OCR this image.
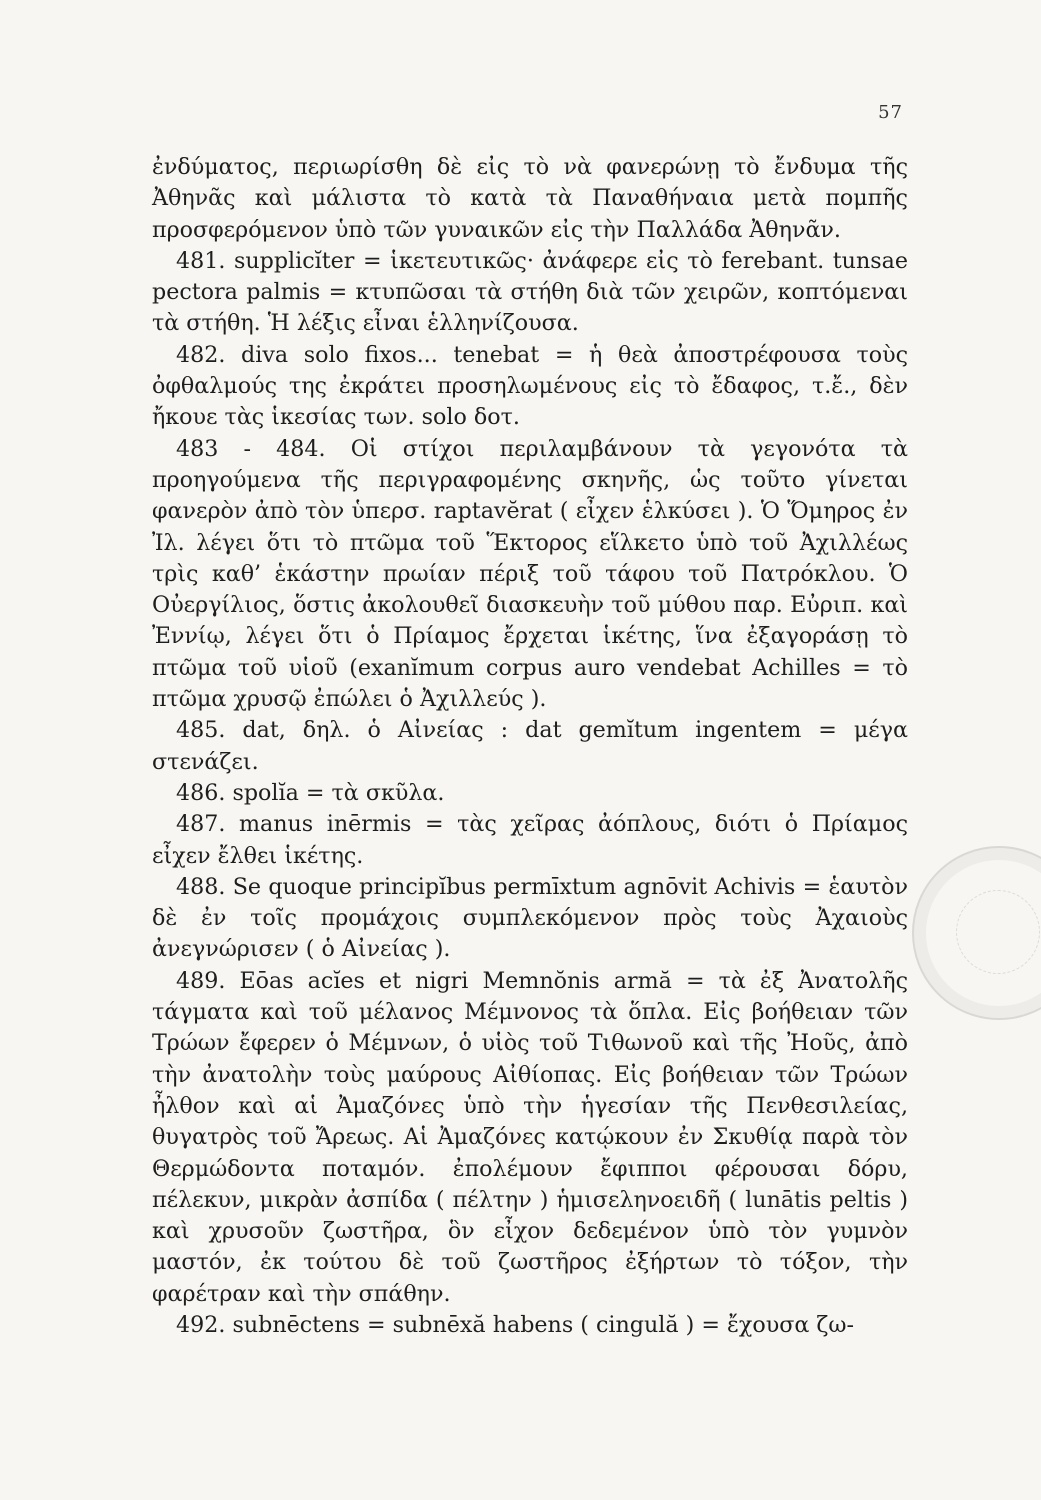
57

ἐνδύματος, περιωρίσθη δὲ εἰς τὸ νὰ φανερώνῃ τὸ ἔνδυμα τῆς Ἀθηνᾶς καὶ μάλιστα τὸ κατὰ τὰ Παναθήναια μετὰ πομπῆς προσφερόμενον ὑπὸ τῶν γυναικῶν εἰς τὴν Παλλάδα Ἀθηνᾶν.

481. supplicĭter = ἱκετευτικῶς· ἀνάφερε εἰς τὸ ferebant. tunsae pectora palmis = κτυπῶσαι τὰ στήθη διὰ τῶν χειρῶν, κοπτόμεναι τὰ στήθη. Ἡ λέξις εἶναι ἑλληνίζουσα.

482. diva solo fixos... tenebat = ἡ θεὰ ἀποστρέφουσα τοὺς ὀφθαλμούς της ἐκράτει προσηλωμένους εἰς τὸ ἔδαφος, τ.ἔ., δὲν ἤκουε τὰς ἱκεσίας των. solo δοτ.

483 - 484. Οἱ στίχοι περιλαμβάνουν τὰ γεγονότα τὰ προηγούμενα τῆς περιγραφομένης σκηνῆς, ὡς τοῦτο γίνεται φανερὸν ἀπὸ τὸν ὑπερσ. raptavĕrat ( εἶχεν ἑλκύσει ). Ὁ Ὅμηρος ἐν Ἰλ. λέγει ὅτι τὸ πτῶμα τοῦ Ἕκτορος εἵλκετο ὑπὸ τοῦ Ἀχιλλέως τρὶς καθ’ ἑκάστην πρωίαν πέριξ τοῦ τάφου τοῦ Πατρόκλου. Ὁ Οὐεργίλιος, ὅστις ἀκολουθεῖ διασκευὴν τοῦ μύθου παρ. Εὐριπ. καὶ Ἐννίῳ, λέγει ὅτι ὁ Πρίαμος ἔρχεται ἱκέτης, ἵνα ἐξαγοράσῃ τὸ πτῶμα τοῦ υἱοῦ (exanĭmum corpus auro vendebat Achilles = τὸ πτῶμα χρυσῷ ἐπώλει ὁ Ἀχιλλεύς ).

485. dat, δηλ. ὁ Αἰνείας : dat gemĭtum ingentem = μέγα στενάζει.

486. spolĭa = τὰ σκῦλα.

487. manus inērmis = τὰς χεῖρας ἀόπλους, διότι ὁ Πρίαμος εἶχεν ἔλθει ἱκέτης.

488. Se quoque principĭbus permīxtum agnōvit Achivis = ἑαυτὸν δὲ ἐν τοῖς προμάχοις συμπλεκόμενον πρὸς τοὺς Ἀχαιοὺς ἀνεγνώρισεν ( ὁ Αἰνείας ).

489. Eōas acĭes et nigri Memnŏnis armă = τὰ ἐξ Ἀνατολῆς τάγματα καὶ τοῦ μέλανος Μέμνονος τὰ ὅπλα. Εἰς βοήθειαν τῶν Τρώων ἔφερεν ὁ Μέμνων, ὁ υἱὸς τοῦ Τιθωνοῦ καὶ τῆς Ἠοῦς, ἀπὸ τὴν ἀνατολὴν τοὺς μαύρους Αἰθίοπας. Εἰς βοήθειαν τῶν Τρώων ἦλθον καὶ αἱ Ἀμαζόνες ὑπὸ τὴν ἡγεσίαν τῆς Πενθεσιλείας, θυγατρὸς τοῦ Ἄρεως. Αἱ Ἀμαζόνες κατῴκουν ἐν Σκυθίᾳ παρὰ τὸν Θερμώδοντα ποταμόν. ἐπολέμουν ἔφιπποι φέρουσαι δόρυ, πέλεκυν, μικρὰν ἀσπίδα ( πέλτην ) ἡμισεληνοειδῆ ( lunātis peltis ) καὶ χρυσοῦν ζωστῆρα, ὃν εἶχον δεδεμένον ὑπὸ τὸν γυμνὸν μαστόν, ἐκ τούτου δὲ τοῦ ζωστῆρος ἐξήρτων τὸ τόξον, τὴν φαρέτραν καὶ τὴν σπάθην.

492. subnēctens = subnēxă habens ( cingulă ) = ἔχουσα ζω-
